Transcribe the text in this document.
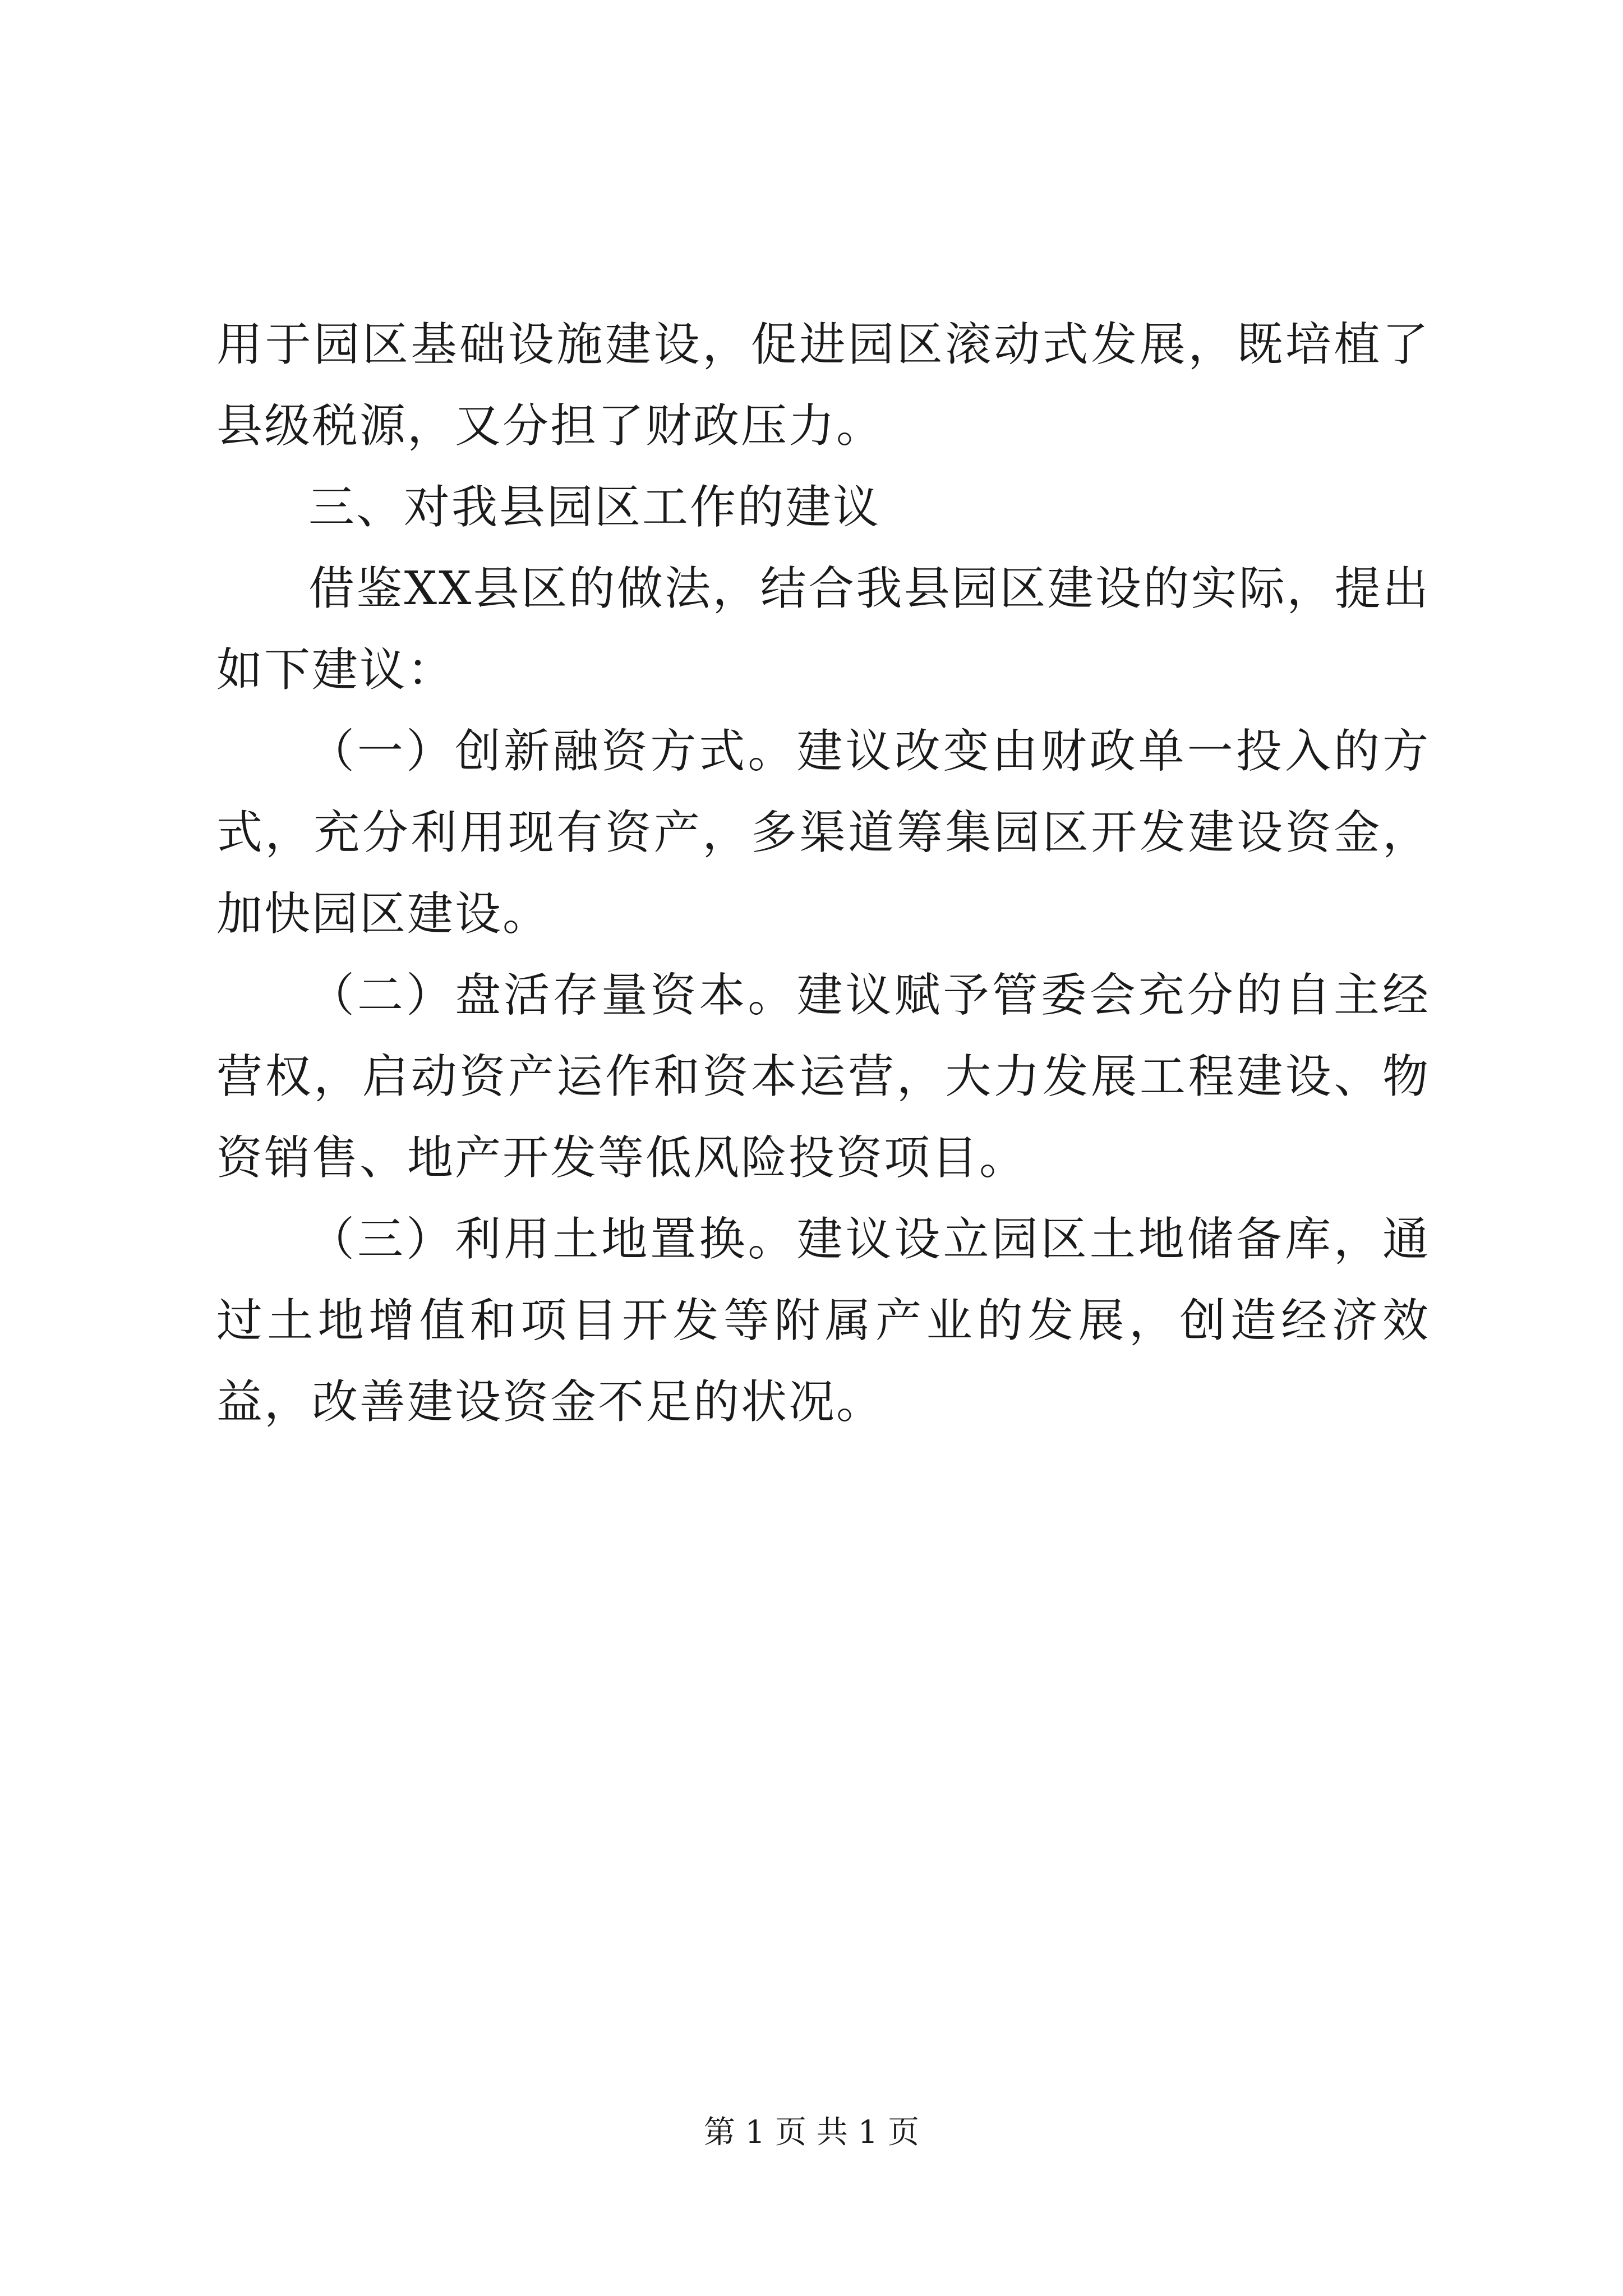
用于园区基础设施建设，促进园区滚动式发展，既培植了县级税源，又分担了财政压力。

三、对我县园区工作的建议

借鉴XX县区的做法，结合我县园区建设的实际，提出如下建议：

（一）创新融资方式。建议改变由财政单一投入的方式，充分利用现有资产，多渠道筹集园区开发建设资金，加快园区建设。

（二）盘活存量资本。建议赋予管委会充分的自主经营权，启动资产运作和资本运营，大力发展工程建设、物资销售、地产开发等低风险投资项目。

（三）利用土地置换。建议设立园区土地储备库，通过土地增值和项目开发等附属产业的发展，创造经济效益，改善建设资金不足的状况。

第 1 页 共 1 页
